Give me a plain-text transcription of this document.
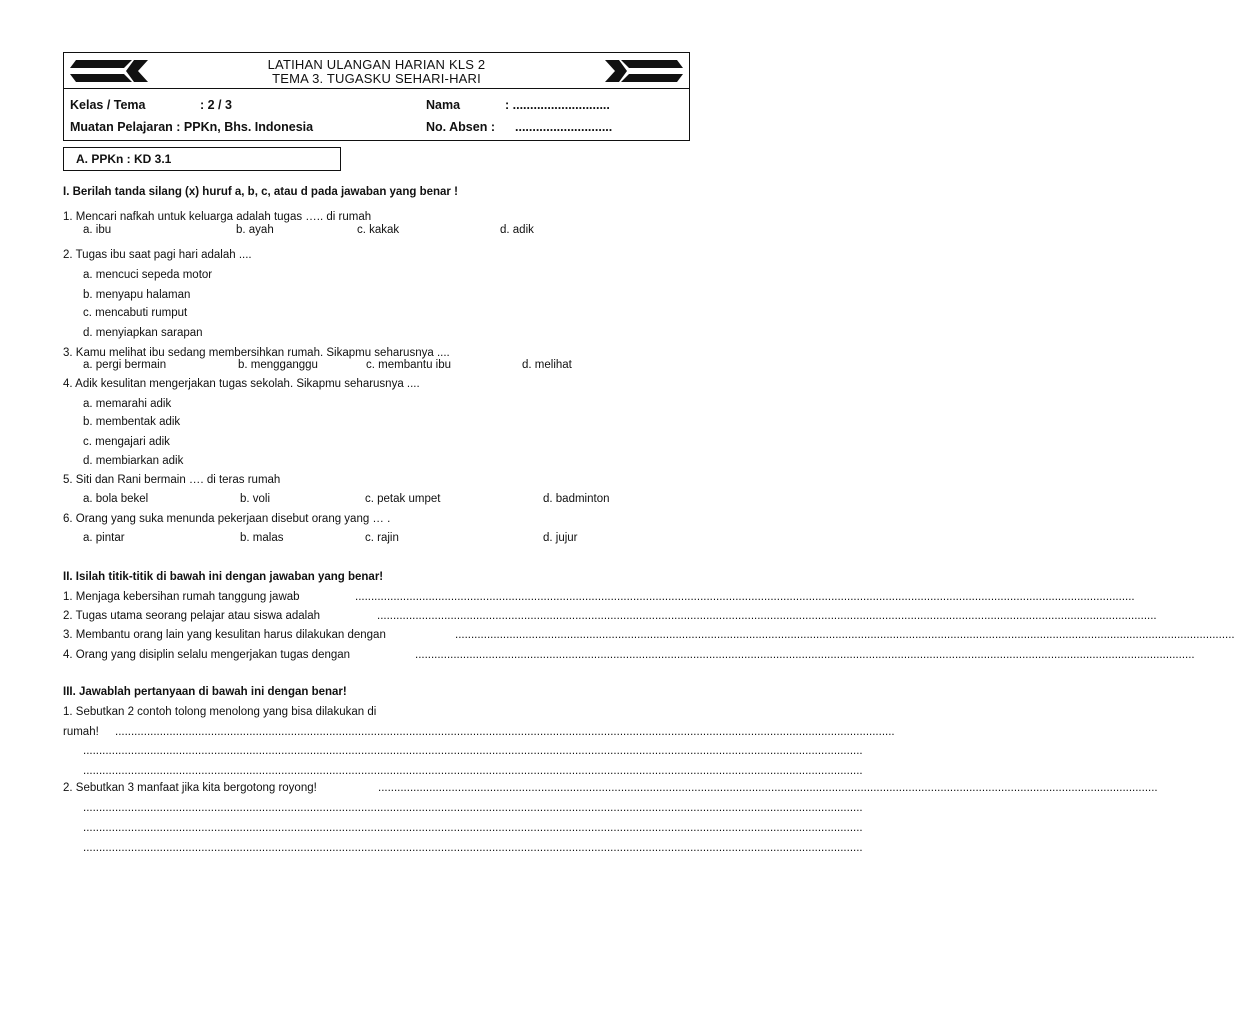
LATIHAN ULANGAN HARIAN KLS 2
TEMA 3. TUGASKU SEHARI-HARI
Kelas / Tema	: 2 / 3
Muatan Pelajaran : PPKn, Bhs. Indonesia
Nama	: ............................
No. Absen : ............................
A. PPKn : KD 3.1
I. Berilah tanda silang (x) huruf a, b, c, atau d pada jawaban yang benar !
1. Mencari nafkah untuk keluarga adalah tugas ….. di rumah
a. ibu	b. ayah	c. kakak	d. adik
2. Tugas ibu saat pagi hari adalah ....
a. mencuci sepeda motor
b. menyapu halaman
c. mencabuti rumput
d. menyiapkan sarapan
3. Kamu melihat ibu sedang membersihkan rumah. Sikapmu seharusnya ....
a. pergi bermain	b. mengganggu	c. membantu ibu	d. melihat
4. Adik kesulitan mengerjakan tugas sekolah. Sikapmu seharusnya ....
a. memarahi adik
b. membentak adik
c. mengajari adik
d. membiarkan adik
5. Siti dan Rani bermain …. di teras rumah
a. bola bekel	b. voli	c. petak umpet	d. badminton
6. Orang yang suka menunda pekerjaan disebut orang yang … .
a. pintar	b. malas	c. rajin	d. jujur
II. Isilah titik-titik di bawah ini dengan jawaban yang benar!
1. Menjaga kebersihan rumah tanggung jawab	....................................................................................................................................................................................................................................................
2. Tugas utama seorang pelajar atau siswa adalah	....................................................................................................................................................................................................................................................
3. Membantu orang lain yang kesulitan harus dilakukan dengan	....................................................................................................................................................................................................................................................
4. Orang yang disiplin selalu mengerjakan tugas dengan	....................................................................................................................................................................................................................................................
III. Jawablah pertanyaan di bawah ini dengan benar!
1. Sebutkan 2 contoh tolong menolong yang bisa dilakukan di
rumah! ....................................................................................................................................................................................................................................................
....................................................................................................................................................................................................................................................
....................................................................................................................................................................................................................................................
2. Sebutkan 3 manfaat jika kita bergotong royong!	....................................................................................................................................................................................................................................................
....................................................................................................................................................................................................................................................
....................................................................................................................................................................................................................................................
....................................................................................................................................................................................................................................................
